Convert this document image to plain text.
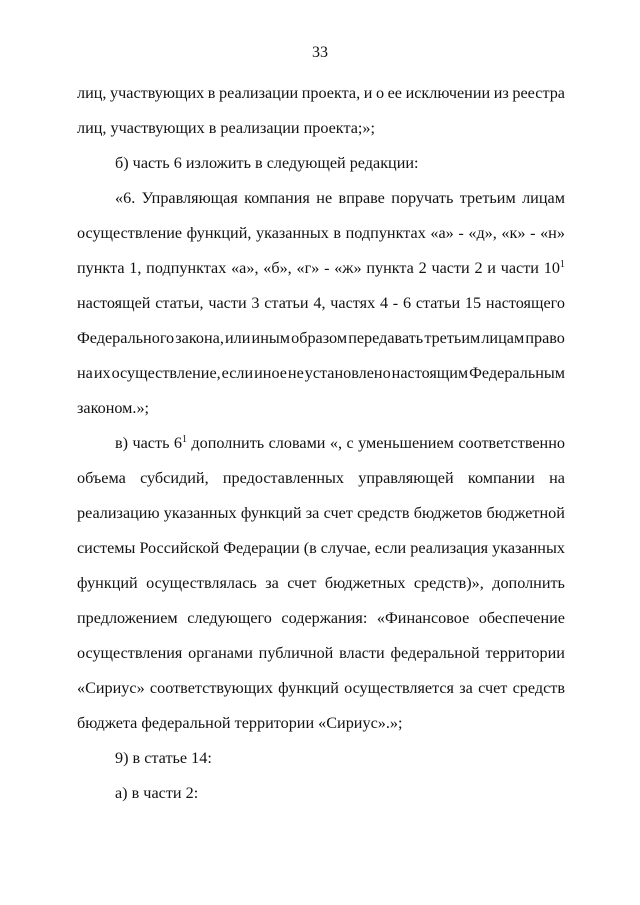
33
лиц, участвующих в реализации проекта, и о ее исключении из реестра
лиц, участвующих в реализации проекта;»;
б) часть 6 изложить в следующей редакции:
«6. Управляющая компания не вправе поручать третьим лицам
осуществление функций, указанных в подпунктах «а» - «д», «к» - «н»
пункта 1, подпунктах «а», «б», «г» - «ж» пункта 2 части 2 и части $10^1$
настоящей статьи, части 3 статьи 4, частях 4 - 6 статьи 15 настоящего
Федерального закона, или иным образом передавать третьим лицам право
на их осуществление, если иное не установлено настоящим Федеральным
законом.»;
в) часть $6^1$ дополнить словами «, с уменьшением соответственно
объема субсидий, предоставленных управляющей компании на
реализацию указанных функций за счет средств бюджетов бюджетной
системы Российской Федерации (в случае, если реализация указанных
функций осуществлялась за счет бюджетных средств)», дополнить
предложением следующего содержания: «Финансовое обеспечение
осуществления органами публичной власти федеральной территории
«Сириус» соответствующих функций осуществляется за счет средств
бюджета федеральной территории «Сириус».»;
9) в статье 14:
а) в части 2:
